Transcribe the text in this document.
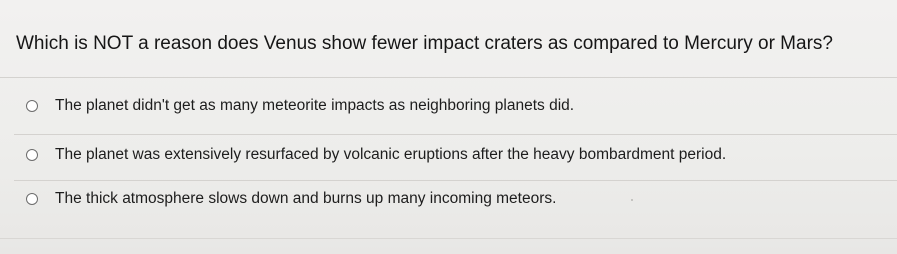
Which is NOT a reason does Venus show fewer impact craters as compared to Mercury or Mars?
The planet didn't get as many meteorite impacts as neighboring planets did.
The planet was extensively resurfaced by volcanic eruptions after the heavy bombardment period.
The thick atmosphere slows down and burns up many incoming meteors.
